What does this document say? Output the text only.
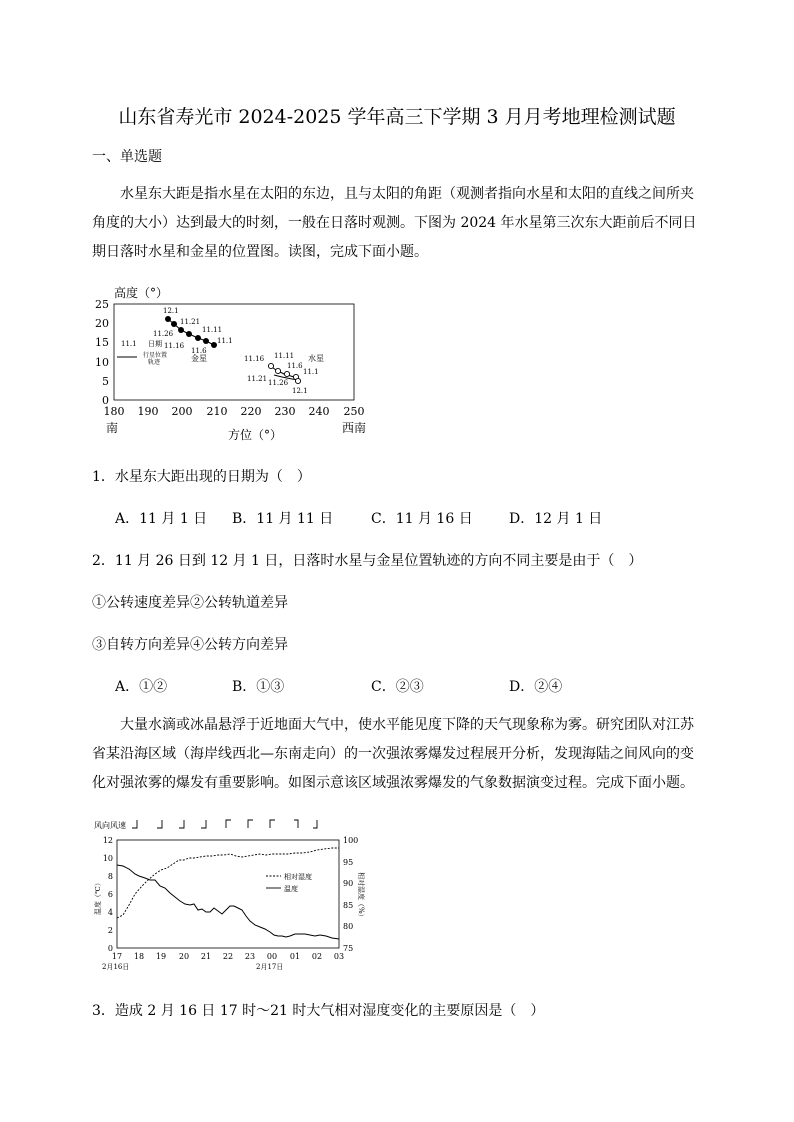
山东省寿光市 2024-2025 学年高三下学期 3 月月考地理检测试题
一、单选题
水星东大距是指水星在太阳的东边，且与太阳的角距（观测者指向水星和太阳的直线之间所夹角度的大小）达到最大的时刻，一般在日落时观测。下图为 2024 年水星第三次东大距前后不同日期日落时水星和金星的位置图。读图，完成下面小题。
高度（°）
0
5
10
15
20
25
180 190 200 210 220 230 240 250
南	西南
方位（°）
11.1 日期
行星位置
轨迹
12.1
11.26
11.21
11.16
11.11
11.6
11.1
金星	11.16 11.11
11.6
11.1
11.21 11.26
12.1
水星
1．水星东大距出现的日期为（　）
A．11 月 1 日 B．11 月 11 日	C．11 月 16 日	D．12 月 1 日
2．11 月 26 日到 12 月 1 日，日落时水星与金星位置轨迹的方向不同主要是由于（　）
①公转速度差异②公转轨道差异
③自转方向差异④公转方向差异
A．①②	B．①③	C．②③	D．②④
大量水滴或冰晶悬浮于近地面大气中，使水平能见度下降的天气现象称为雾。研究团队对江苏省某沿海区域（海岸线西北—东南走向）的一次强浓雾爆发过程展开分析，发现海陆之间风向的变化对强浓雾的爆发有重要影响。如图示意该区域强浓雾爆发的气象数据演变过程。完成下面小题。
风向风速
0
2
4
6
8
10
12
75
80
85
90
95
100
17 18 19 20 21 22 23 00 01 02 03
2月16日	2月17日
温度（℃）	相对湿度（%）
相对湿度
温度
3．造成 2 月 16 日 17 时～21 时大气相对湿度变化的主要原因是（　）
